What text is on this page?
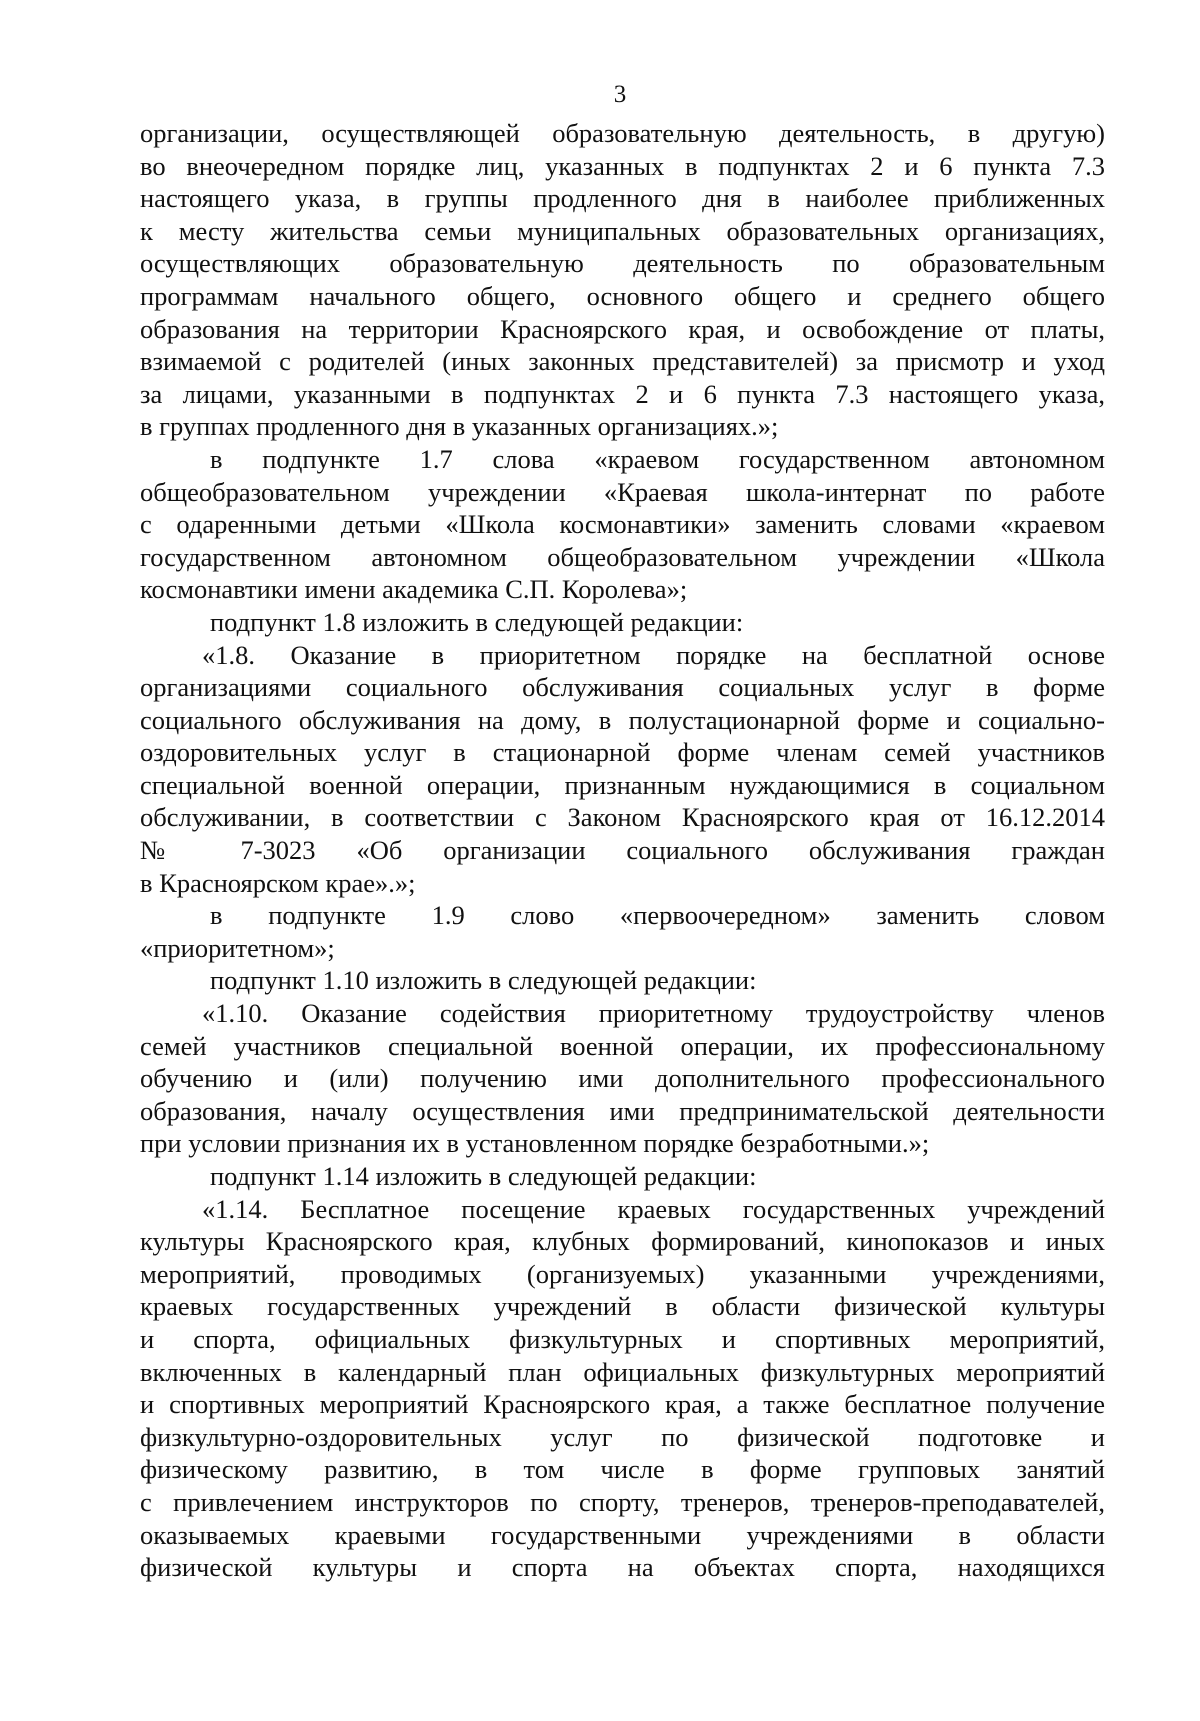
3
организации, осуществляющей образовательную деятельность, в другую)
во внеочередном порядке лиц, указанных в подпунктах 2 и 6 пункта 7.3
настоящего указа, в группы продленного дня в наиболее приближенных
к месту жительства семьи муниципальных образовательных организациях,
осуществляющих образовательную деятельность по образовательным
программам начального общего, основного общего и среднего общего
образования на территории Красноярского края, и освобождение от платы,
взимаемой с родителей (иных законных представителей) за присмотр и уход
за лицами, указанными в подпунктах 2 и 6 пункта 7.3 настоящего указа,
в группах продленного дня в указанных организациях.»;
в подпункте 1.7 слова «краевом государственном автономном
общеобразовательном учреждении «Краевая школа-интернат по работе
с одаренными детьми «Школа космонавтики» заменить словами «краевом
государственном автономном общеобразовательном учреждении «Школа
космонавтики имени академика С.П. Королева»;
подпункт 1.8 изложить в следующей редакции:
«1.8. Оказание в приоритетном порядке на бесплатной основе
организациями социального обслуживания социальных услуг в форме
социального обслуживания на дому, в полустационарной форме и социально-
оздоровительных услуг в стационарной форме членам семей участников
специальной военной операции, признанным нуждающимися в социальном
обслуживании, в соответствии с Законом Красноярского края от 16.12.2014
№ 7-3023 «Об организации социального обслуживания граждан
в Красноярском крае».»;
в подпункте 1.9 слово «первоочередном» заменить словом
«приоритетном»;
подпункт 1.10 изложить в следующей редакции:
«1.10. Оказание содействия приоритетному трудоустройству членов
семей участников специальной военной операции, их профессиональному
обучению и (или) получению ими дополнительного профессионального
образования, началу осуществления ими предпринимательской деятельности
при условии признания их в установленном порядке безработными.»;
подпункт 1.14 изложить в следующей редакции:
«1.14. Бесплатное посещение краевых государственных учреждений
культуры Красноярского края, клубных формирований, кинопоказов и иных
мероприятий, проводимых (организуемых) указанными учреждениями,
краевых государственных учреждений в области физической культуры
и спорта, официальных физкультурных и спортивных мероприятий,
включенных в календарный план официальных физкультурных мероприятий
и спортивных мероприятий Красноярского края, а также бесплатное получение
физкультурно-оздоровительных услуг по физической подготовке и
физическому развитию, в том числе в форме групповых занятий
с привлечением инструкторов по спорту, тренеров, тренеров-преподавателей,
оказываемых краевыми государственными учреждениями в области
физической культуры и спорта на объектах спорта, находящихся
